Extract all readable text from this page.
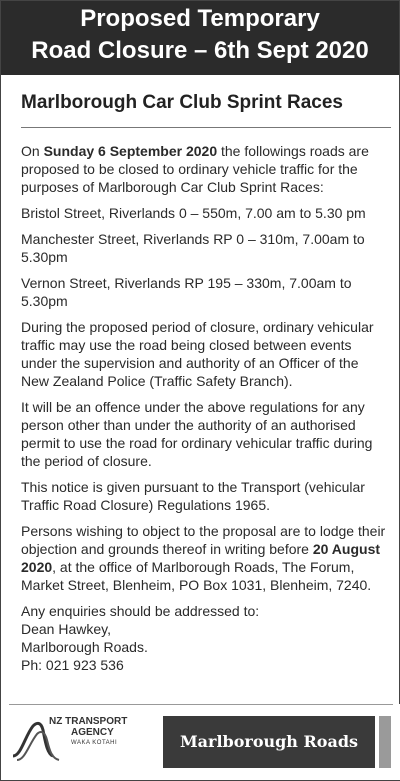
Proposed Temporary
Road Closure – 6th Sept 2020
Marlborough Car Club Sprint Races

On Sunday 6 September 2020 the followings roads are proposed to be closed to ordinary vehicle traffic for the purposes of Marlborough Car Club Sprint Races:

Bristol Street, Riverlands 0 – 550m, 7.00 am to 5.30 pm

Manchester Street, Riverlands RP 0 – 310m, 7.00am to 5.30pm

Vernon Street, Riverlands RP 195 – 330m, 7.00am to 5.30pm

During the proposed period of closure, ordinary vehicular traffic may use the road being closed between events under the supervision and authority of an Officer of the New Zealand Police (Traffic Safety Branch).

It will be an offence under the above regulations for any person other than under the authority of an authorised permit to use the road for ordinary vehicular traffic during the period of closure.

This notice is given pursuant to the Transport (vehicular Traffic Road Closure) Regulations 1965.

Persons wishing to object to the proposal are to lodge their objection and grounds thereof in writing before 20 August 2020, at the office of Marlborough Roads, The Forum, Market Street, Blenheim, PO Box 1031, Blenheim, 7240.

Any enquiries should be addressed to:
Dean Hawkey,
Marlborough Roads.
Ph: 021 923 536

NZ TRANSPORT
AGENCY
WAKA KOTAHI	Marlborough Roads
